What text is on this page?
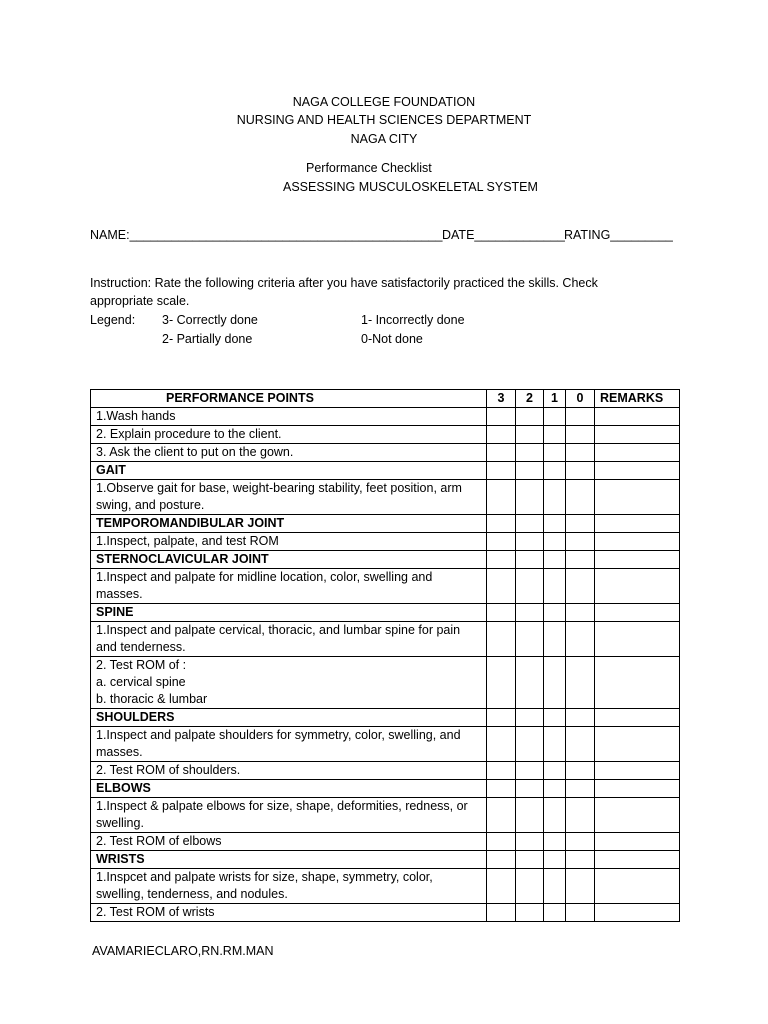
NAGA COLLEGE FOUNDATION
NURSING AND HEALTH SCIENCES DEPARTMENT
NAGA CITY
Performance Checklist
ASSESSING MUSCULOSKELETAL SYSTEM
NAME:_____________________________________________ DATE_____________ RATING_________
Instruction: Rate the following criteria after you have satisfactorily practiced the skills. Check
appropriate scale.
Legend: 3- Correctly done
2- Partially done
1- Incorrectly done
0-Not done
PERFORMANCE POINTS	3	2	1	0	REMARKS
1.Wash hands					
2. Explain procedure to the client.					
3. Ask the client to put on the gown.					
GAIT					
1.Observe gait for base, weight-bearing stability, feet position, arm
swing, and posture.					
TEMPOROMANDIBULAR JOINT					
1.Inspect, palpate, and test ROM					
STERNOCLAVICULAR JOINT					
1.Inspect and palpate for midline location, color, swelling and
masses.					
SPINE					
1.Inspect and palpate cervical, thoracic, and lumbar spine for pain
and tenderness.					
2. Test ROM of :
a. cervical spine
b. thoracic & lumbar					
SHOULDERS					
1.Inspect and palpate shoulders for symmetry, color, swelling, and
masses.					
2. Test ROM of shoulders.					
ELBOWS					
1.Inspect & palpate elbows for size, shape, deformities, redness, or
swelling.					
2. Test ROM of elbows					
WRISTS					
1.Inspcet and palpate wrists for size, shape, symmetry, color,
swelling, tenderness, and nodules.					
2. Test ROM of wrists					
AVAMARIECLARO,RN.RM.MAN
